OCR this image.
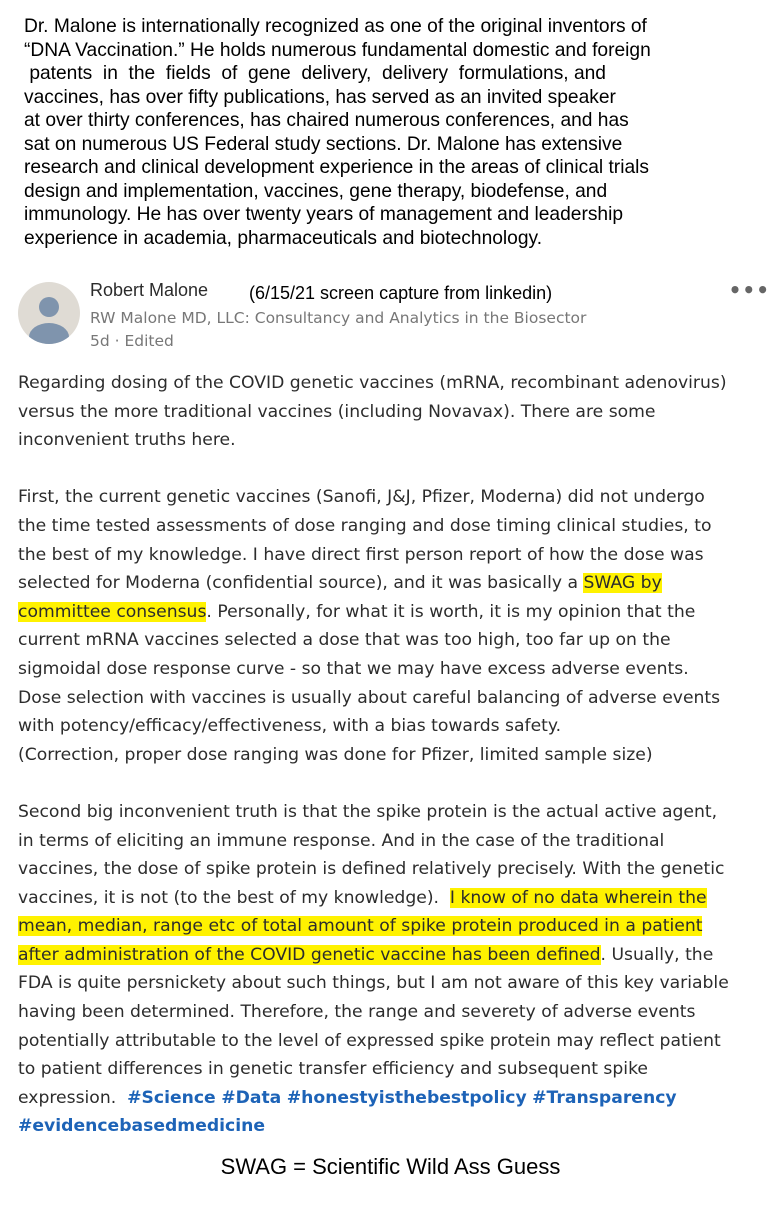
Dr. Malone is internationally recognized as one of the original inventors of
“DNA Vaccination.” He holds numerous fundamental domestic and foreign
patents  in  the  fields  of  gene  delivery,  delivery  formulations, and
vaccines, has over fifty publications, has served as an invited speaker
at over thirty conferences, has chaired numerous conferences, and has
sat on numerous US Federal study sections. Dr. Malone has extensive
research and clinical development experience in the areas of clinical trials
design and implementation, vaccines, gene therapy, biodefense, and
immunology. He has over twenty years of management and leadership
experience in academia, pharmaceuticals and biotechnology.
Robert Malone (6/15/21 screen capture from linkedin)	•••
RW Malone MD, LLC: Consultancy and Analytics in the Biosector
5d · Edited
Regarding dosing of the COVID genetic vaccines (mRNA, recombinant adenovirus)
versus the more traditional vaccines (including Novavax). There are some
inconvenient truths here.
First, the current genetic vaccines (Sanofi, J&J, Pfizer, Moderna) did not undergo
the time tested assessments of dose ranging and dose timing clinical studies, to
the best of my knowledge. I have direct first person report of how the dose was
selected for Moderna (confidential source), and it was basically a SWAG by
committee consensus. Personally, for what it is worth, it is my opinion that the
current mRNA vaccines selected a dose that was too high, too far up on the
sigmoidal dose response curve - so that we may have excess adverse events.
Dose selection with vaccines is usually about careful balancing of adverse events
with potency/efficacy/effectiveness, with a bias towards safety.
(Correction, proper dose ranging was done for Pfizer, limited sample size)
Second big inconvenient truth is that the spike protein is the actual active agent,
in terms of eliciting an immune response. And in the case of the traditional
vaccines, the dose of spike protein is defined relatively precisely. With the genetic
vaccines, it is not (to the best of my knowledge).  I know of no data wherein the
mean, median, range etc of total amount of spike protein produced in a patient
after administration of the COVID genetic vaccine has been defined. Usually, the
FDA is quite persnickety about such things, but I am not aware of this key variable
having been determined. Therefore, the range and severety of adverse events
potentially attributable to the level of expressed spike protein may reflect patient
to patient differences in genetic transfer efficiency and subsequent spike
expression.  #Science #Data #honestyisthebestpolicy #Transparency
#evidencebasedmedicine
SWAG = Scientific Wild Ass Guess
